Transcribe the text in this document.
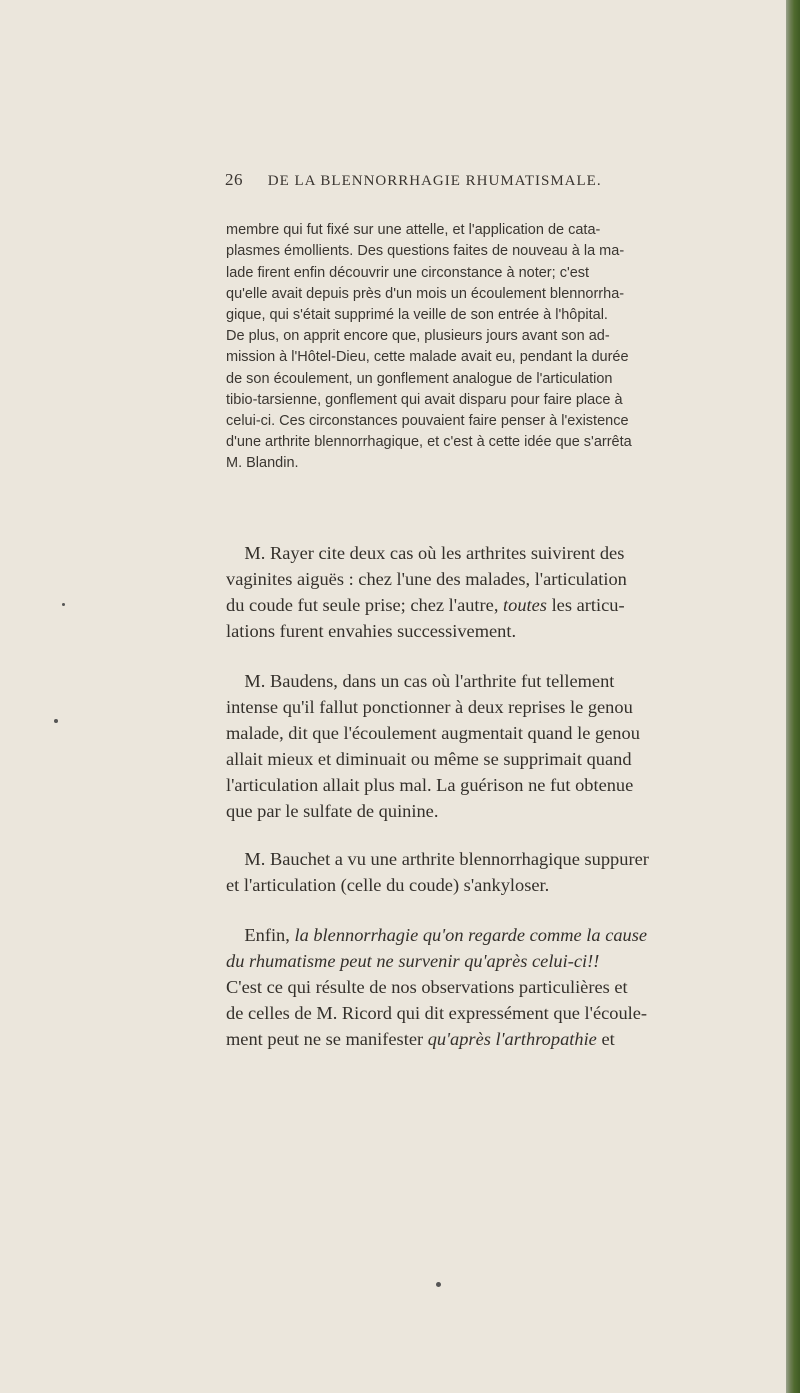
26 DE LA BLENNORRHAGIE RHUMATISMALE.

membre qui fut fixé sur une attelle, et l'application de cata-
plasmes émollients. Des questions faites de nouveau à la ma-
lade firent enfin découvrir une circonstance à noter; c'est
qu'elle avait depuis près d'un mois un écoulement blennorrha-
gique, qui s'était supprimé la veille de son entrée à l'hôpital.
De plus, on apprit encore que, plusieurs jours avant son ad-
mission à l'Hôtel-Dieu, cette malade avait eu, pendant la durée
de son écoulement, un gonflement analogue de l'articulation
tibio-tarsienne, gonflement qui avait disparu pour faire place à
celui-ci. Ces circonstances pouvaient faire penser à l'existence
d'une arthrite blennorrhagique, et c'est à cette idée que s'arrêta
M. Blandin.

M. Rayer cite deux cas où les arthrites suivirent des
vaginites aiguës : chez l'une des malades, l'articulation
du coude fut seule prise; chez l'autre, toutes les articu-
lations furent envahies successivement.

M. Baudens, dans un cas où l'arthrite fut tellement
intense qu'il fallut ponctionner à deux reprises le genou
malade, dit que l'écoulement augmentait quand le genou
allait mieux et diminuait ou même se supprimait quand
l'articulation allait plus mal. La guérison ne fut obtenue
que par le sulfate de quinine.

M. Bauchet a vu une arthrite blennorrhagique suppurer
et l'articulation (celle du coude) s'ankyloser.

Enfin, la blennorrhagie qu'on regarde comme la cause
du rhumatisme peut ne survenir qu'après celui-ci!!
C'est ce qui résulte de nos observations particulières et
de celles de M. Ricord qui dit expressément que l'écoule-
ment peut ne se manifester qu'après l'arthropathie et
